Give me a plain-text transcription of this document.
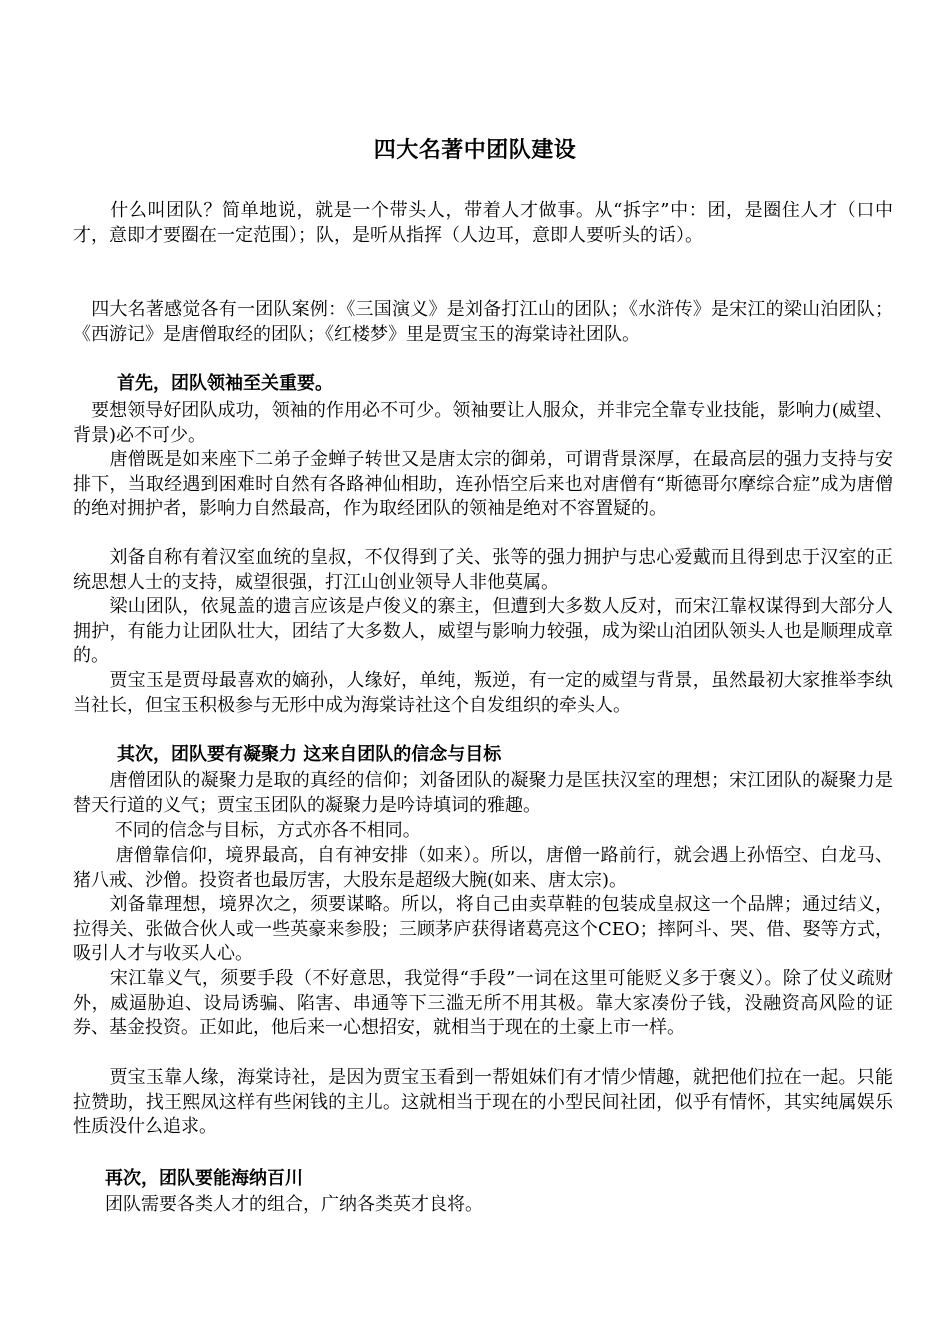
四大名著中团队建设
　　什么叫团队？简单地说，就是一个带头人，带着人才做事。从“拆字”中：团，是圈住人才（口中才，意即才要圈在一定范围）；队，是听从指挥（人边耳，意即人要听头的话）。
　四大名著感觉各有一团队案例：《三国演义》是刘备打江山的团队；《水浒传》是宋江的梁山泊团队；《西游记》是唐僧取经的团队；《红楼梦》里是贾宝玉的海棠诗社团队。
首先，团队领袖至关重要。
　要想领导好团队成功，领袖的作用必不可少。领袖要让人服众，并非完全靠专业技能，影响力(威望、背景)必不可少。
　　唐僧既是如来座下二弟子金蝉子转世又是唐太宗的御弟，可谓背景深厚，在最高层的强力支持与安排下，当取经遇到困难时自然有各路神仙相助，连孙悟空后来也对唐僧有“斯德哥尔摩综合症”成为唐僧的绝对拥护者，影响力自然最高，作为取经团队的领袖是绝对不容置疑的。
　　刘备自称有着汉室血统的皇叔，不仅得到了关、张等的强力拥护与忠心爱戴而且得到忠于汉室的正统思想人士的支持，威望很强，打江山创业领导人非他莫属。
　　梁山团队，依晁盖的遗言应该是卢俊义的寨主，但遭到大多数人反对，而宋江靠权谋得到大部分人拥护，有能力让团队壮大，团结了大多数人，威望与影响力较强，成为梁山泊团队领头人也是顺理成章的。
　　贾宝玉是贾母最喜欢的嫡孙，人缘好，单纯，叛逆，有一定的威望与背景，虽然最初大家推举李纨当社长，但宝玉积极参与无形中成为海棠诗社这个自发组织的牵头人。
其次，团队要有凝聚力 这来自团队的信念与目标
　　唐僧团队的凝聚力是取的真经的信仰；刘备团队的凝聚力是匡扶汉室的理想；宋江团队的凝聚力是替天行道的义气；贾宝玉团队的凝聚力是吟诗填词的雅趣。
　　 不同的信念与目标，方式亦各不相同。
　　 唐僧靠信仰，境界最高，自有神安排（如来）。所以，唐僧一路前行，就会遇上孙悟空、白龙马、猪八戒、沙僧。投资者也最厉害，大股东是超级大腕(如来、唐太宗)。
　　刘备靠理想，境界次之，须要谋略。所以，将自己由卖草鞋的包装成皇叔这一个品牌；通过结义，拉得关、张做合伙人或一些英豪来参股；三顾茅庐获得诸葛亮这个CEO；摔阿斗、哭、借、娶等方式，吸引人才与收买人心。
　　宋江靠义气，须要手段（不好意思，我觉得“手段”一词在这里可能贬义多于褒义）。除了仗义疏财外，威逼胁迫、设局诱骗、陷害、串通等下三滥无所不用其极。靠大家凑份子钱，没融资高风险的证券、基金投资。正如此，他后来一心想招安，就相当于现在的土豪上市一样。
　　贾宝玉靠人缘，海棠诗社，是因为贾宝玉看到一帮姐妹们有才情少情趣，就把他们拉在一起。只能拉赞助，找王熙凤这样有些闲钱的主儿。这就相当于现在的小型民间社团，似乎有情怀，其实纯属娱乐性质没什么追求。
再次，团队要能海纳百川
团队需要各类人才的组合，广纳各类英才良将。
